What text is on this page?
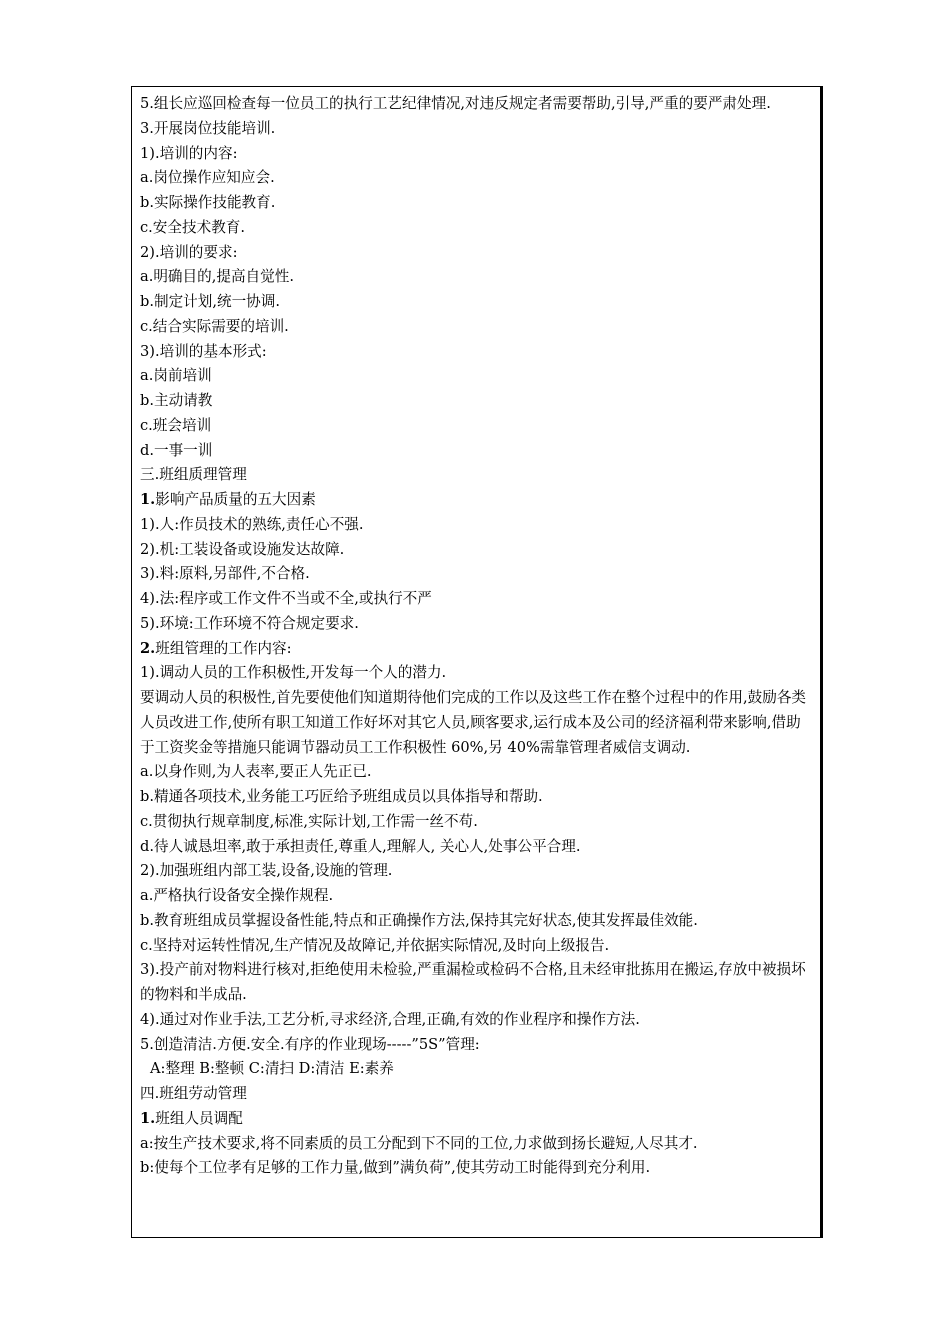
5.组长应巡回检查每一位员工的执行工艺纪律情况,对违反规定者需要帮助,引导,严重的要严肃处理.
3.开展岗位技能培训.
1).培训的内容:
a.岗位操作应知应会.
b.实际操作技能教育.
c.安全技术教育.
2).培训的要求:
a.明确目的,提高自觉性.
b.制定计划,统一协调.
c.结合实际需要的培训.
3).培训的基本形式:
a.岗前培训
b.主动请教
c.班会培训
d.一事一训
三.班组质理管理
1.影响产品质量的五大因素
1).人:作员技术的熟练,责任心不强.
2).机:工装设备或设施发达故障.
3).料:原料,另部件,不合格.
4).法:程序或工作文件不当或不全,或执行不严
5).环境:工作环境不符合规定要求.
2.班组管理的工作内容:
1).调动人员的工作积极性,开发每一个人的潜力.
要调动人员的积极性,首先要使他们知道期待他们完成的工作以及这些工作在整个过程中的作用,鼓励各类人员改进工作,使所有职工知道工作好坏对其它人员,顾客要求,运行成本及公司的经济福利带来影响,借助于工资奖金等措施只能调节器动员工工作积极性 60%,另 40%需靠管理者威信支调动.
a.以身作则,为人表率,要正人先正已.
b.精通各项技术,业务能工巧匠给予班组成员以具体指导和帮助.
c.贯彻执行规章制度,标准,实际计划,工作需一丝不苟.
d.待人诚恳坦率,敢于承担责任,尊重人,理解人, 关心人,处事公平合理.
2).加强班组内部工装,设备,设施的管理.
a.严格执行设备安全操作规程.
b.教育班组成员掌握设备性能,特点和正确操作方法,保持其完好状态,使其发挥最佳效能.
c.坚持对运转性情况,生产情况及故障记,并依据实际情况,及时向上级报告.
3).投产前对物料进行核对,拒绝使用未检验,严重漏检或检码不合格,且未经审批拣用在搬运,存放中被损坏的物料和半成品.
4).通过对作业手法,工艺分析,寻求经济,合理,正确,有效的作业程序和操作方法.
5.创造清洁.方便.安全.有序的作业现场-----”5S”管理:
A:整理 B:整顿 C:清扫 D:清洁 E:素养
四.班组劳动管理
1.班组人员调配
a:按生产技术要求,将不同素质的员工分配到下不同的工位,力求做到扬长避短,人尽其才.
b:使每个工位孝有足够的工作力量,做到”满负荷”,使其劳动工时能得到充分利用.
